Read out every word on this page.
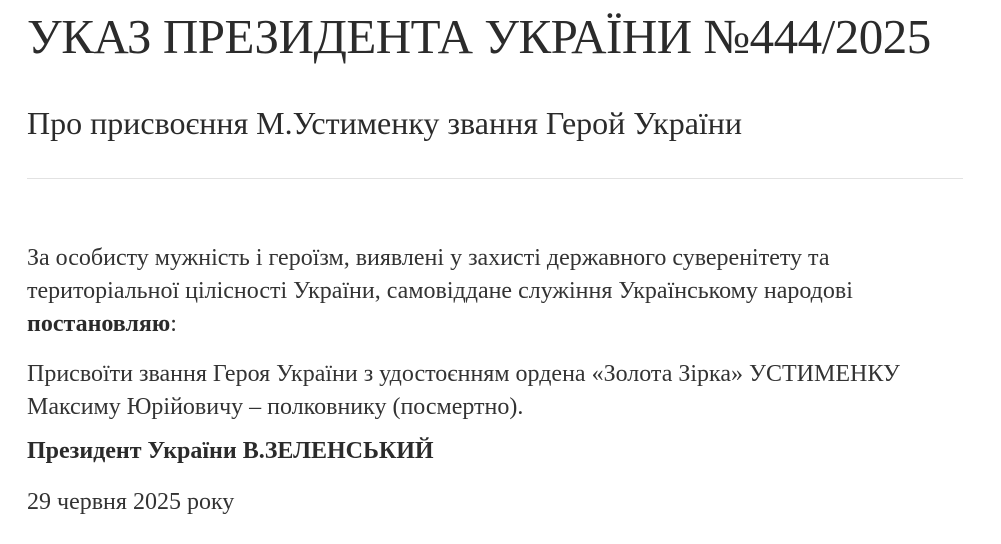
УКАЗ ПРЕЗИДЕНТА УКРАЇНИ №444/2025
Про присвоєння М.Устименку звання Герой України

За особисту мужність і героїзм, виявлені у захисті державного суверенітету та територіальної цілісності України, самовіддане служіння Українському народові постановляю:

Присвоїти звання Героя України з удостоєнням ордена «Золота Зірка» УСТИМЕНКУ Максиму Юрійовичу – полковнику (посмертно).

Президент України В.ЗЕЛЕНСЬКИЙ

29 червня 2025 року
